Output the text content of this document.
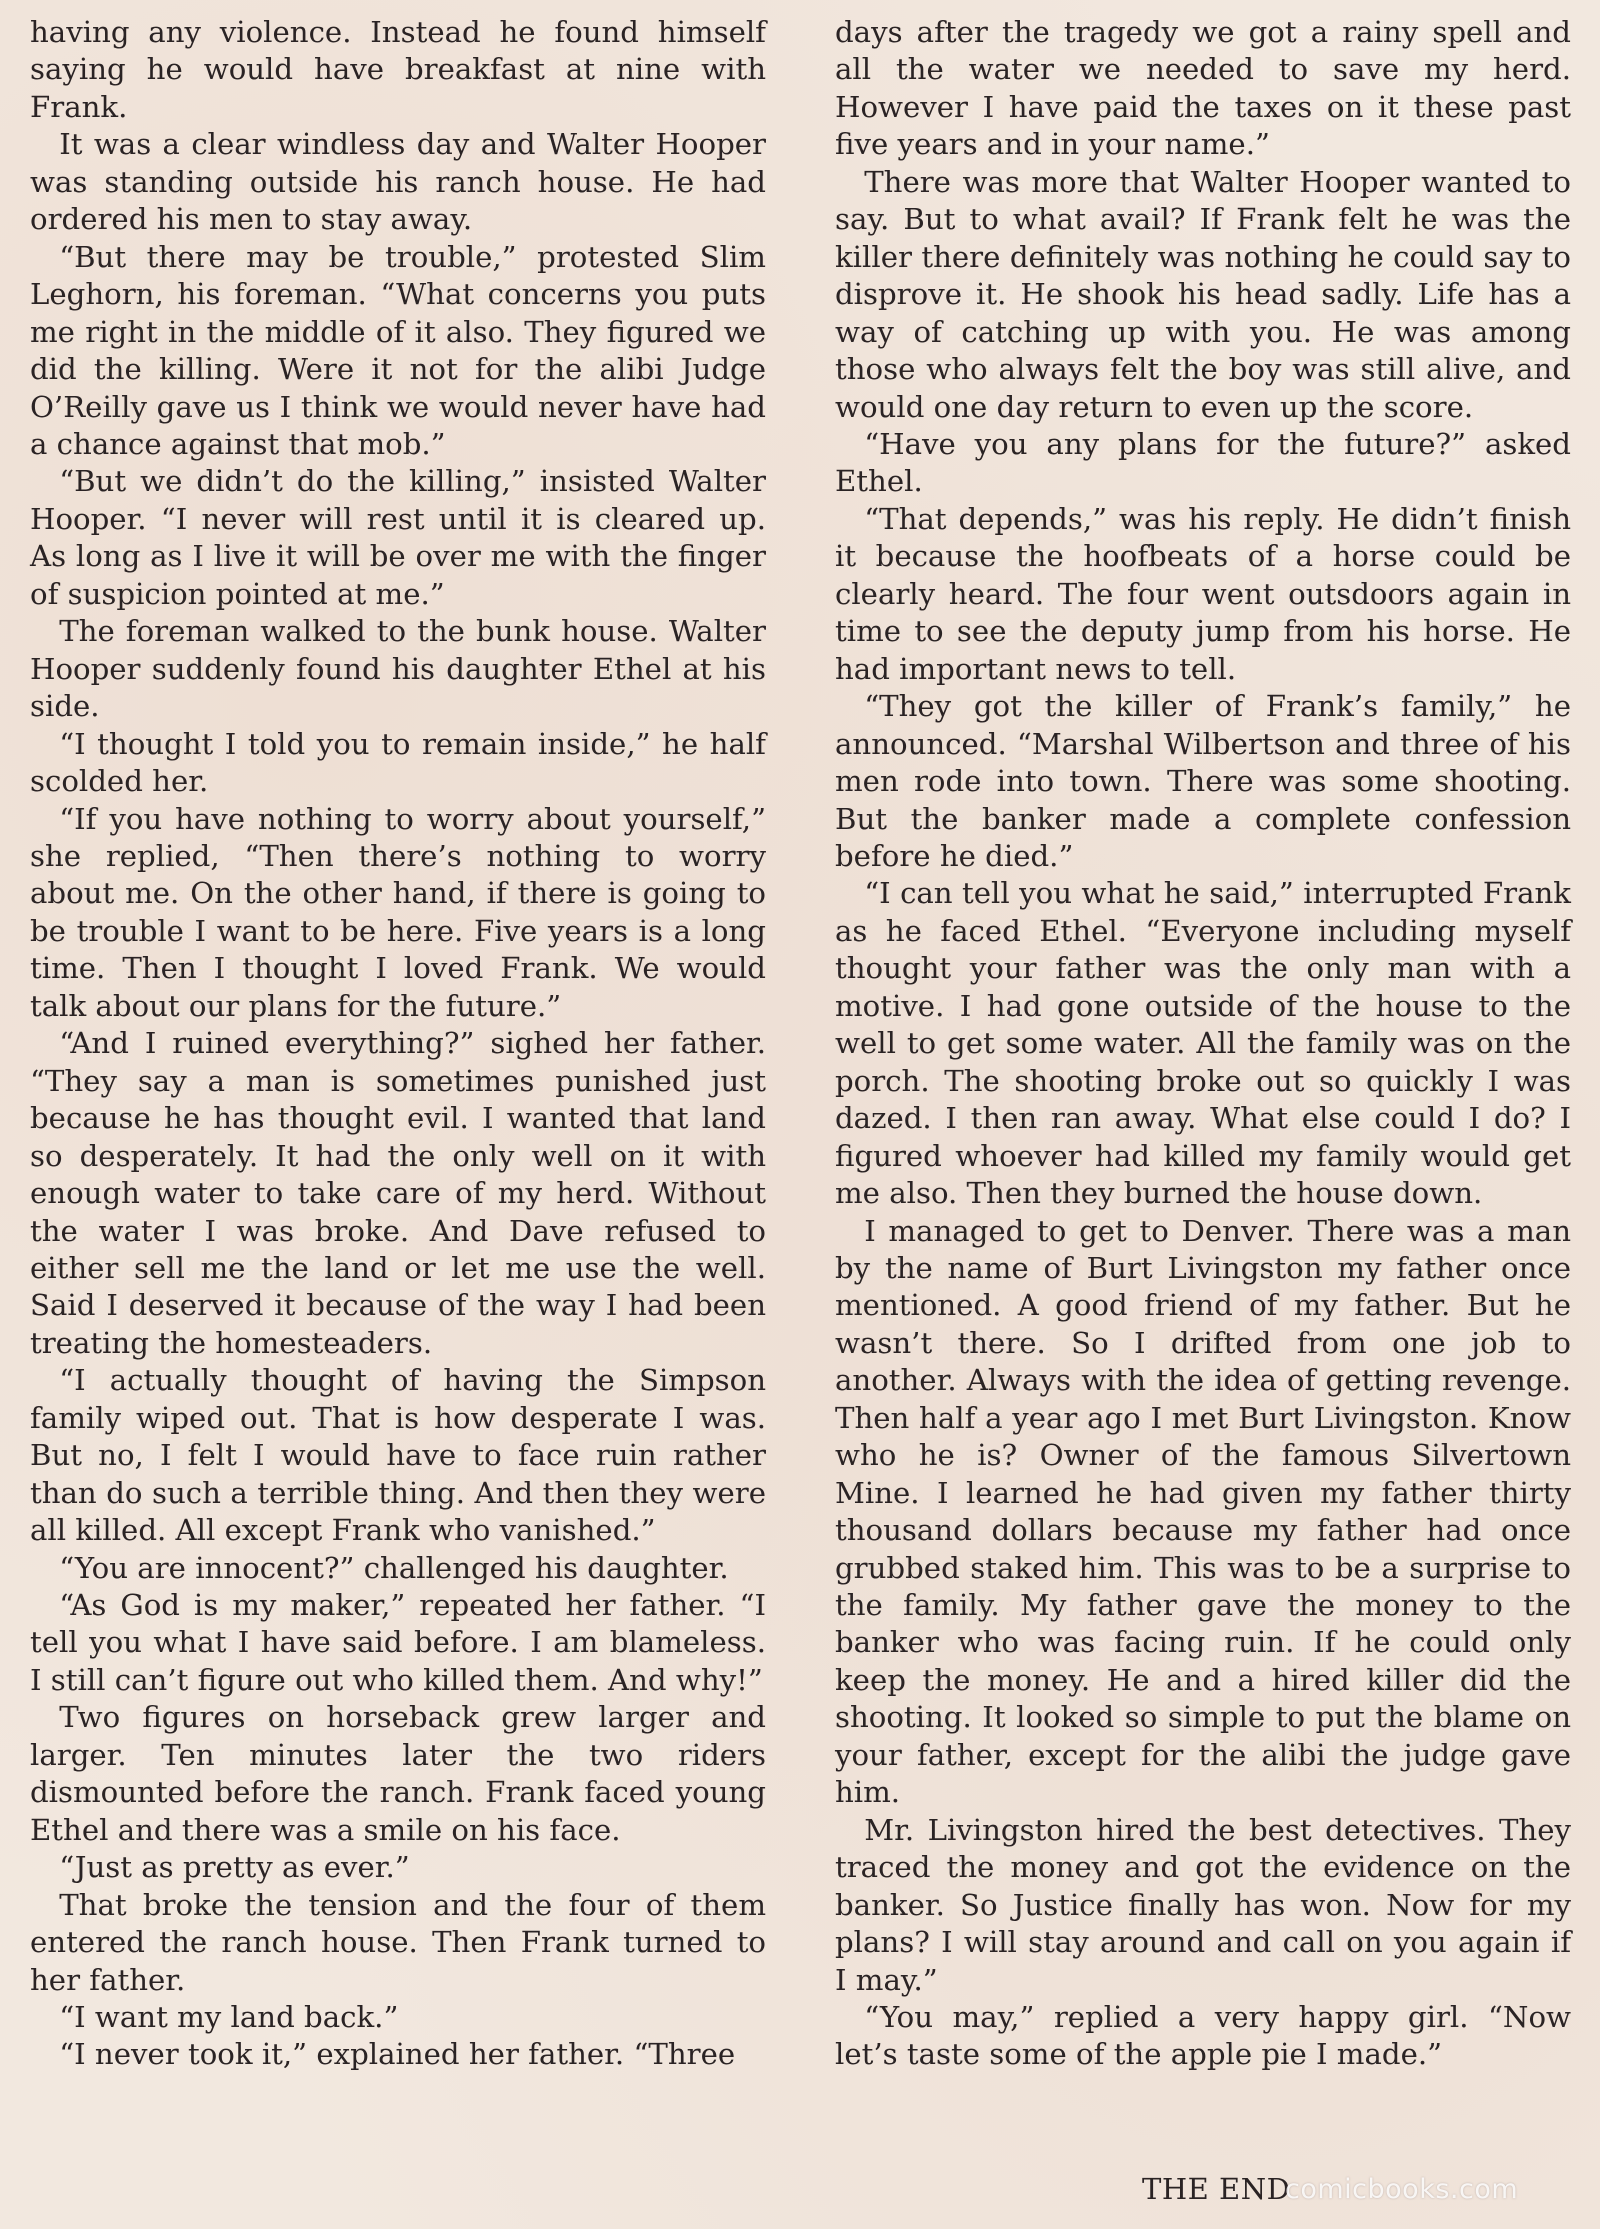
having any violence. Instead he found himself saying he would have breakfast at nine with Frank.

It was a clear windless day and Walter Hooper was standing outside his ranch house. He had ordered his men to stay away.

“But there may be trouble,” protested Slim Leghorn, his foreman. “What concerns you puts me right in the middle of it also. They figured we did the killing. Were it not for the alibi Judge O’Reilly gave us I think we would never have had a chance against that mob.”

“But we didn’t do the killing,” insisted Walter Hooper. “I never will rest until it is cleared up. As long as I live it will be over me with the finger of suspicion pointed at me.”

The foreman walked to the bunk house. Walter Hooper suddenly found his daughter Ethel at his side.

“I thought I told you to remain inside,” he half scolded her.

“If you have nothing to worry about yourself,” she replied, “Then there’s nothing to worry about me. On the other hand, if there is going to be trouble I want to be here. Five years is a long time. Then I thought I loved Frank. We would talk about our plans for the future.”

“And I ruined everything?” sighed her father. “They say a man is sometimes punished just because he has thought evil. I wanted that land so desperately. It had the only well on it with enough water to take care of my herd. Without the water I was broke. And Dave refused to either sell me the land or let me use the well. Said I deserved it because of the way I had been treating the homesteaders.

“I actually thought of having the Simpson family wiped out. That is how desperate I was. But no, I felt I would have to face ruin rather than do such a terrible thing. And then they were all killed. All except Frank who vanished.”

“You are innocent?” challenged his daughter.

“As God is my maker,” repeated her father. “I tell you what I have said before. I am blameless. I still can’t figure out who killed them. And why!”

Two figures on horseback grew larger and larger. Ten minutes later the two riders dismounted before the ranch. Frank faced young Ethel and there was a smile on his face.

“Just as pretty as ever.”

That broke the tension and the four of them entered the ranch house. Then Frank turned to her father.

“I want my land back.”

“I never took it,” explained her father. “Three

days after the tragedy we got a rainy spell and all the water we needed to save my herd. However I have paid the taxes on it these past five years and in your name.”

There was more that Walter Hooper wanted to say. But to what avail? If Frank felt he was the killer there definitely was nothing he could say to disprove it. He shook his head sadly. Life has a way of catching up with you. He was among those who always felt the boy was still alive, and would one day return to even up the score.

“Have you any plans for the future?” asked Ethel.

“That depends,” was his reply. He didn’t finish it because the hoofbeats of a horse could be clearly heard. The four went outsdoors again in time to see the deputy jump from his horse. He had important news to tell.

“They got the killer of Frank’s family,” he announced. “Marshal Wilbertson and three of his men rode into town. There was some shooting. But the banker made a complete confession before he died.”

“I can tell you what he said,” interrupted Frank as he faced Ethel. “Everyone including myself thought your father was the only man with a motive. I had gone outside of the house to the well to get some water. All the family was on the porch. The shooting broke out so quickly I was dazed. I then ran away. What else could I do? I figured whoever had killed my family would get me also. Then they burned the house down.

I managed to get to Denver. There was a man by the name of Burt Livingston my father once mentioned. A good friend of my father. But he wasn’t there. So I drifted from one job to another. Always with the idea of getting revenge. Then half a year ago I met Burt Livingston. Know who he is? Owner of the famous Silvertown Mine. I learned he had given my father thirty thousand dollars because my father had once grubbed staked him. This was to be a surprise to the family. My father gave the money to the banker who was facing ruin. If he could only keep the money. He and a hired killer did the shooting. It looked so simple to put the blame on your father, except for the alibi the judge gave him.

Mr. Livingston hired the best detectives. They traced the money and got the evidence on the banker. So Justice finally has won. Now for my plans? I will stay around and call on you again if I may.”

“You may,” replied a very happy girl. “Now let’s taste some of the apple pie I made.”

THE END
comicbooks.com
